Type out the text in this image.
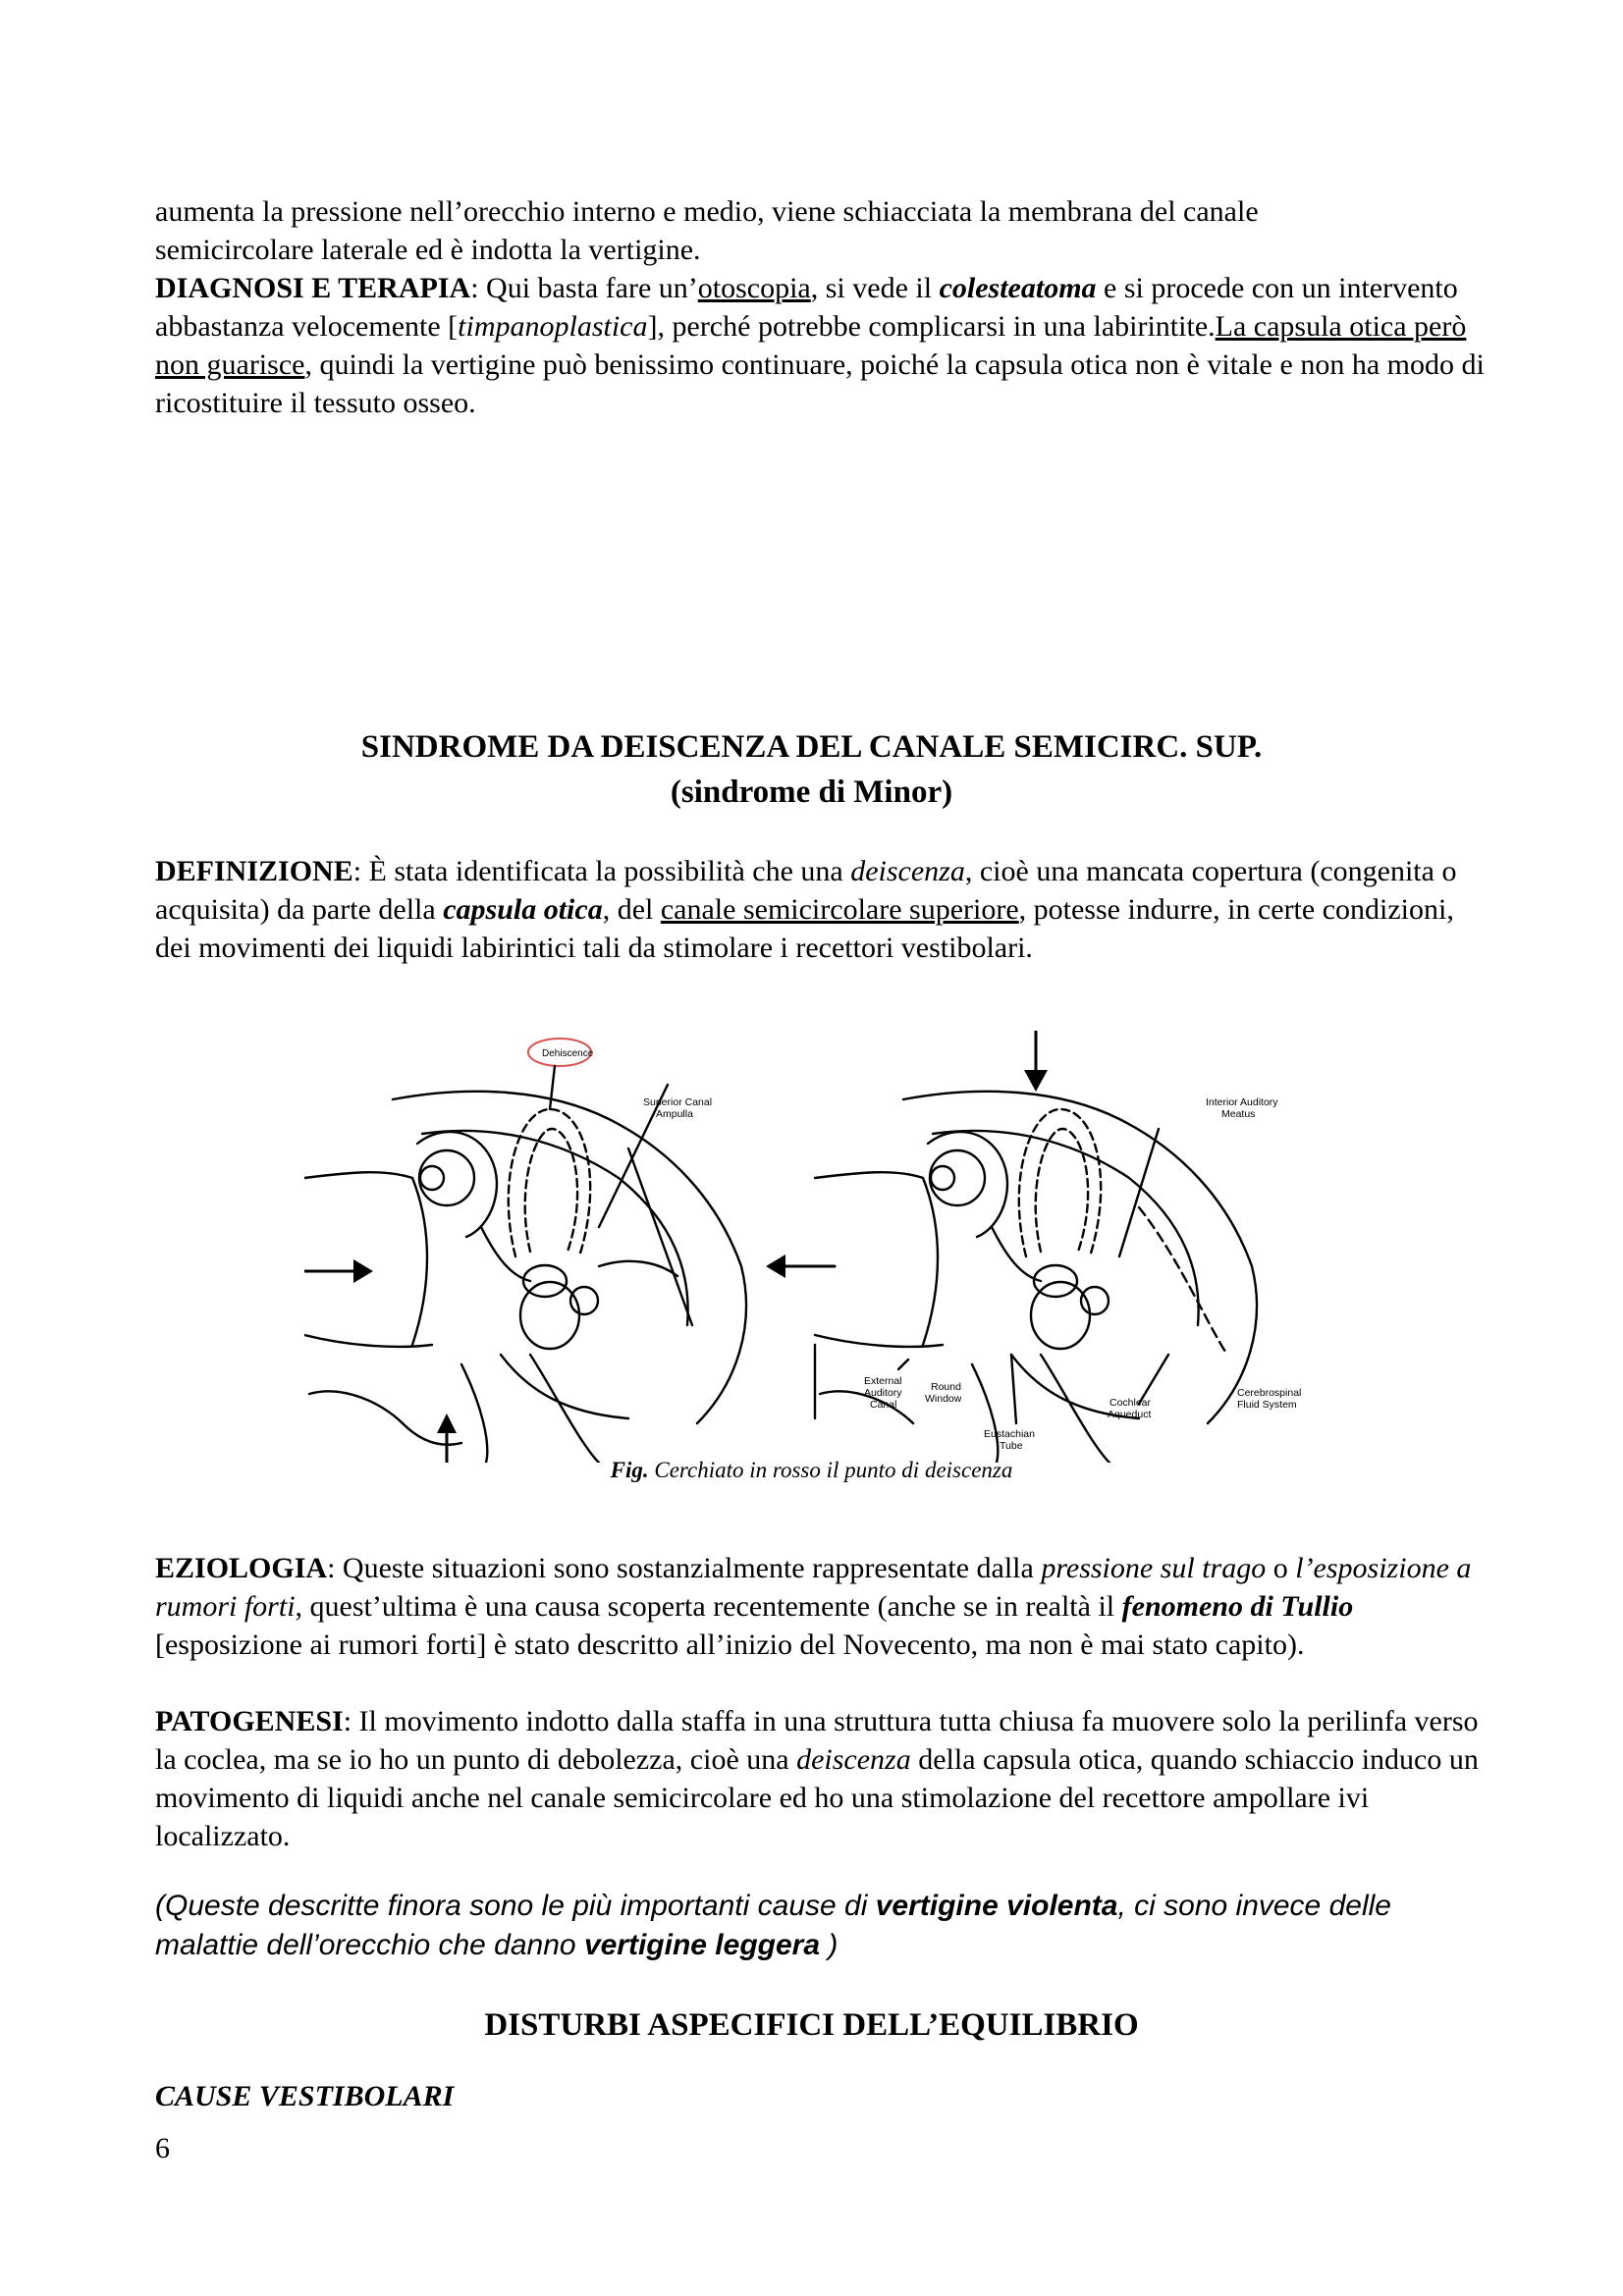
aumenta la pressione nell’orecchio interno e medio, viene schiacciata la membrana del canale
semicircolare laterale ed è indotta la vertigine.

DIAGNOSI E TERAPIA: Qui basta fare un’otoscopia, si vede il colesteatoma e si procede con un intervento abbastanza velocemente [timpanoplastica], perché potrebbe complicarsi in una labirintite.La capsula otica però non guarisce, quindi la vertigine può benissimo continuare, poiché la capsula otica non è vitale e non ha modo di ricostituire il tessuto osseo.

SINDROME DA DEISCENZA DEL CANALE SEMICIRC. SUP.
(sindrome di Minor)

DEFINIZIONE: È stata identificata la possibilità che una deiscenza, cioè una mancata copertura (congenita o acquisita) da parte della capsula otica, del canale semicircolare superiore, potesse indurre, in certe condizioni, dei movimenti dei liquidi labirintici tali da stimolare i recettori vestibolari.

Dehiscence
Superior Canal
Ampulla
Interior Auditory
Meatus
External
Auditory
Canal
Round
Window
Eustachian
Tube
Cochlear
Aqueduct
Cerebrospinal
Fluid System
Fig. Cerchiato in rosso il punto di deiscenza

EZIOLOGIA: Queste situazioni sono sostanzialmente rappresentate dalla pressione sul trago o l’esposizione a rumori forti, quest’ultima è una causa scoperta recentemente (anche se in realtà il fenomeno di Tullio [esposizione ai rumori forti] è stato descritto all’inizio del Novecento, ma non è mai stato capito).

PATOGENESI: Il movimento indotto dalla staffa in una struttura tutta chiusa fa muovere solo la perilinfa verso la coclea, ma se io ho un punto di debolezza, cioè una deiscenza della capsula otica, quando schiaccio induco un movimento di liquidi anche nel canale semicircolare ed ho una stimolazione del recettore ampollare ivi localizzato.

(Queste descritte finora sono le più importanti cause di vertigine violenta, ci sono invece delle malattie dell’orecchio che danno vertigine leggera )

DISTURBI ASPECIFICI DELL’EQUILIBRIO

CAUSE VESTIBOLARI

6
